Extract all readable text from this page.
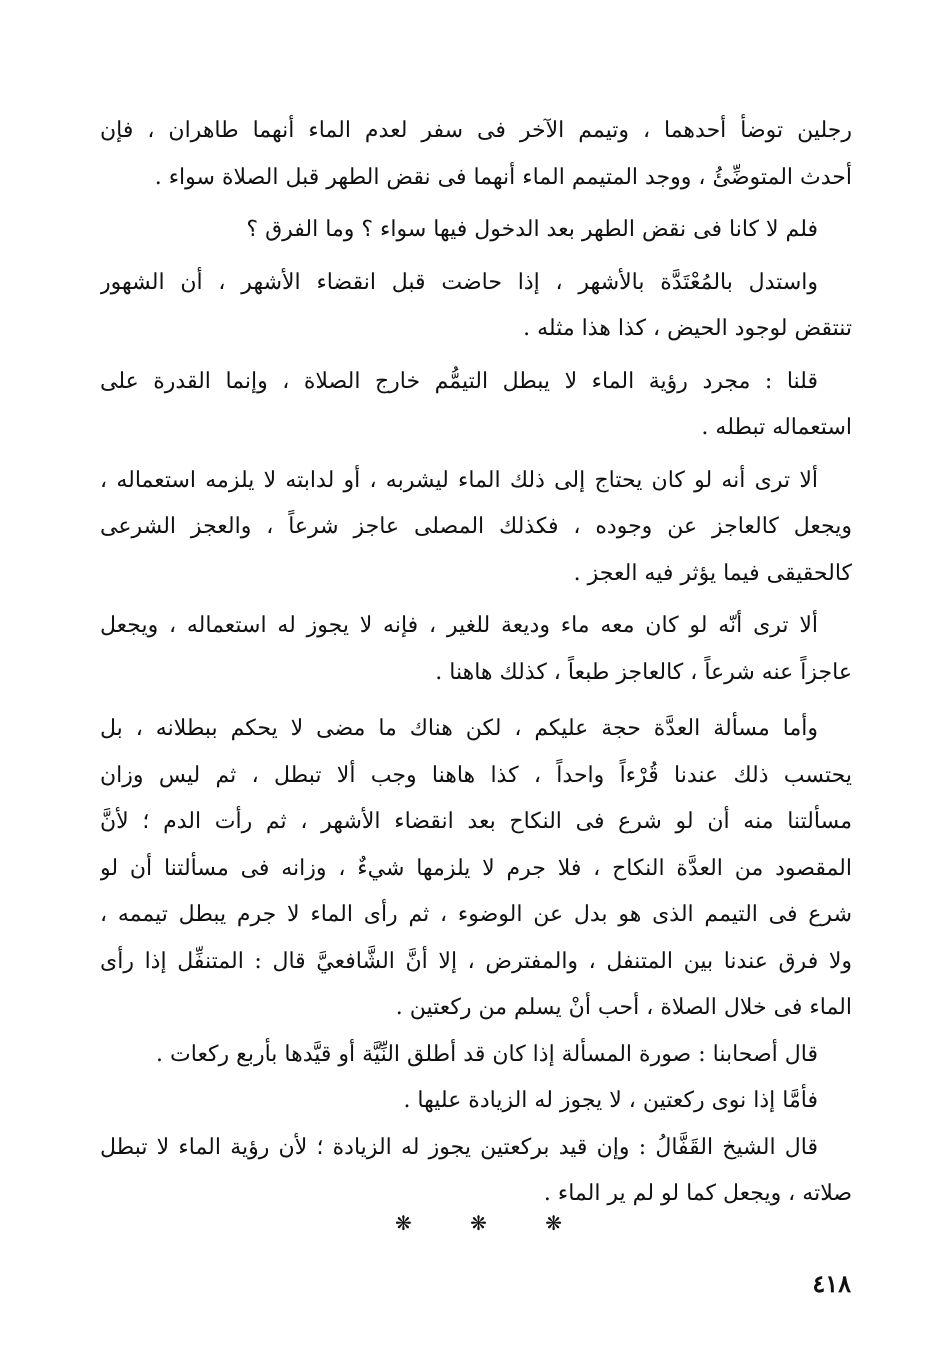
رجلين توضأ أحدهما ، وتيمم الآخر فى سفر لعدم الماء أنهما طاهران ، فإن
أحدث المتوضِّئُ ، ووجد المتيمم الماء أنهما فى نقض الطهر قبل الصلاة سواء .
فلم لا كانا فى نقض الطهر بعد الدخول فيها سواء ؟ وما الفرق ؟
واستدل بالمُعْتَدَّة بالأشهر ، إذا حاضت قبل انقضاء الأشهر ، أن الشهور
تنتقض لوجود الحيض ، كذا هذا مثله .
قلنا : مجرد رؤية الماء لا يبطل التيمُّم خارج الصلاة ، وإنما القدرة على
استعماله تبطله .
ألا ترى أنه لو كان يحتاج إلى ذلك الماء ليشربه ، أو لدابته لا يلزمه استعماله ،
ويجعل كالعاجز عن وجوده ، فكذلك المصلى عاجز شرعاً ، والعجز الشرعى
كالحقيقى فيما يؤثر فيه العجز .
ألا ترى أنّه لو كان معه ماء وديعة للغير ، فإنه لا يجوز له استعماله ، ويجعل
عاجزاً عنه شرعاً ، كالعاجز طبعاً ، كذلك هاهنا .
وأما مسألة العدَّة حجة عليكم ، لكن هناك ما مضى لا يحكم ببطلانه ، بل
يحتسب ذلك عندنا قُرْءاً واحداً ، كذا هاهنا وجب ألا تبطل ، ثم ليس وزان
مسألتنا منه أن لو شرع فى النكاح بعد انقضاء الأشهر ، ثم رأت الدم ؛ لأنَّ
المقصود من العدَّة النكاح ، فلا جرم لا يلزمها شيءٌ ، وزانه فى مسألتنا أن لو
شرع فى التيمم الذى هو بدل عن الوضوء ، ثم رأى الماء لا جرم يبطل تيممه ،
ولا فرق عندنا بين المتنفل ، والمفترض ، إلا أنَّ الشَّافعيَّ قال : المتنفِّل إذا رأى
الماء فى خلال الصلاة ، أحب أنْ يسلم من ركعتين .
قال أصحابنا : صورة المسألة إذا كان قد أطلق النِّيَّة أو قيَّدها بأربع ركعات .
فأمَّا إذا نوى ركعتين ، لا يجوز له الزيادة عليها .
قال الشيخ القَفَّالُ : وإن قيد بركعتين يجوز له الزيادة ؛ لأن رؤية الماء لا تبطل
صلاته ، ويجعل كما لو لم ير الماء .
❋	❋	❋
٤١٨
